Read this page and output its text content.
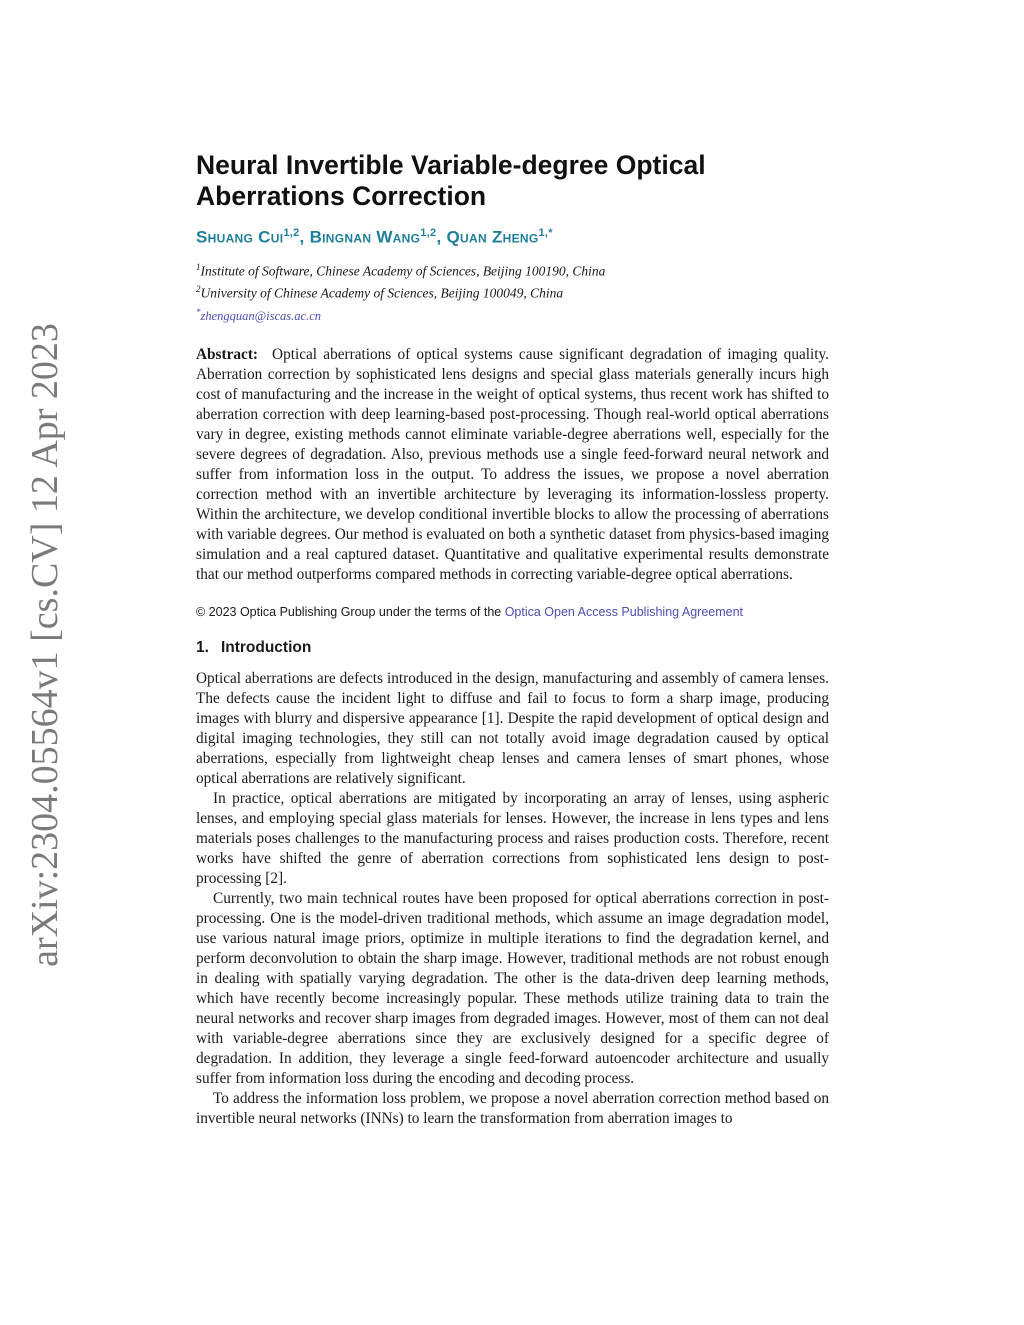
arXiv:2304.05564v1 [cs.CV] 12 Apr 2023
Neural Invertible Variable-degree Optical
Aberrations Correction
Shuang Cui$^{1,2}$, Bingnan Wang$^{1,2}$, Quan Zheng$^{1,*}$
$^1$Institute of Software, Chinese Academy of Sciences, Beijing 100190, China
$^2$University of Chinese Academy of Sciences, Beijing 100049, China
*zhengquan@iscas.ac.cn
Abstract: Optical aberrations of optical systems cause significant degradation of imaging quality. Aberration correction by sophisticated lens designs and special glass materials generally incurs high cost of manufacturing and the increase in the weight of optical systems, thus recent work has shifted to aberration correction with deep learning-based post-processing. Though real-world optical aberrations vary in degree, existing methods cannot eliminate variable-degree aberrations well, especially for the severe degrees of degradation. Also, previous methods use a single feed-forward neural network and suffer from information loss in the output. To address the issues, we propose a novel aberration correction method with an invertible architecture by leveraging its information-lossless property. Within the architecture, we develop conditional invertible blocks to allow the processing of aberrations with variable degrees. Our method is evaluated on both a synthetic dataset from physics-based imaging simulation and a real captured dataset. Quantitative and qualitative experimental results demonstrate that our method outperforms compared methods in correcting variable-degree optical aberrations.
© 2023 Optica Publishing Group under the terms of the Optica Open Access Publishing Agreement
1. Introduction

Optical aberrations are defects introduced in the design, manufacturing and assembly of camera lenses. The defects cause the incident light to diffuse and fail to focus to form a sharp image, producing images with blurry and dispersive appearance [1]. Despite the rapid development of optical design and digital imaging technologies, they still can not totally avoid image degradation caused by optical aberrations, especially from lightweight cheap lenses and camera lenses of smart phones, whose optical aberrations are relatively significant.

In practice, optical aberrations are mitigated by incorporating an array of lenses, using aspheric lenses, and employing special glass materials for lenses. However, the increase in lens types and lens materials poses challenges to the manufacturing process and raises production costs. Therefore, recent works have shifted the genre of aberration corrections from sophisticated lens design to post-processing [2].

Currently, two main technical routes have been proposed for optical aberrations correction in post-processing. One is the model-driven traditional methods, which assume an image degradation model, use various natural image priors, optimize in multiple iterations to find the degradation kernel, and perform deconvolution to obtain the sharp image. However, traditional methods are not robust enough in dealing with spatially varying degradation. The other is the data-driven deep learning methods, which have recently become increasingly popular. These methods utilize training data to train the neural networks and recover sharp images from degraded images. However, most of them can not deal with variable-degree aberrations since they are exclusively designed for a specific degree of degradation. In addition, they leverage a single feed-forward autoencoder architecture and usually suffer from information loss during the encoding and decoding process.

To address the information loss problem, we propose a novel aberration correction method based on invertible neural networks (INNs) to learn the transformation from aberration images to
